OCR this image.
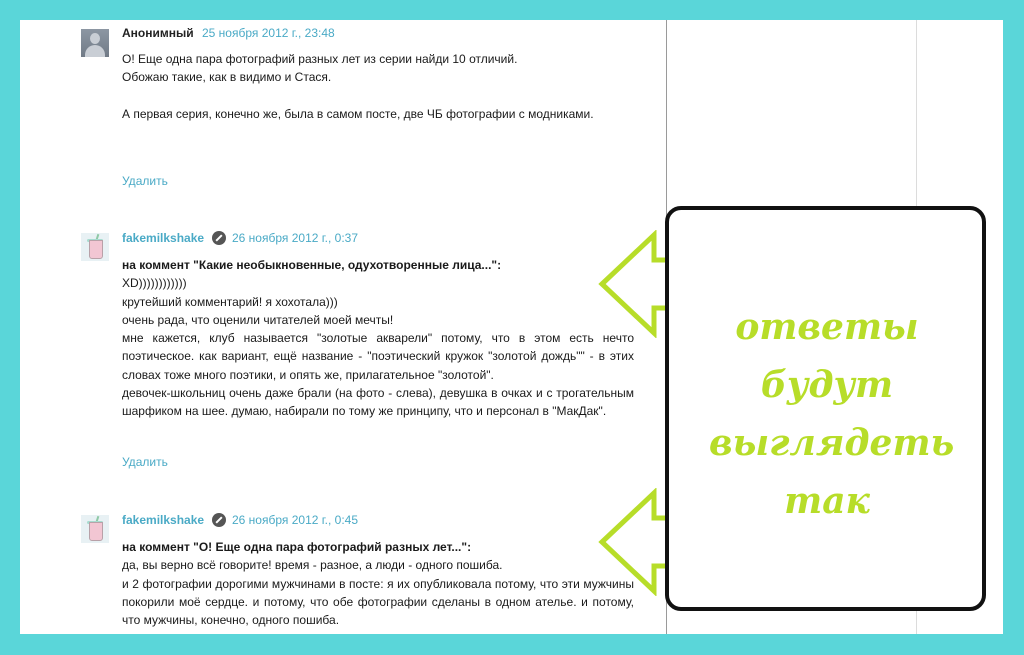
Анонимный 25 ноября 2012 г., 23:48

О! Еще одна пара фотографий разных лет из серии найди 10 отличий.

Обожаю такие, как в видимо и Стася.

А первая серия, конечно же, была в самом посте, две ЧБ фотографии с модниками.

Удалить
fakemilkshake 26 ноября 2012 г., 0:37

на коммент "Какие необыкновенные, одухотворенные лица...":

XD))))))))))))

крутейший комментарий! я хохотала)))

очень рада, что оценили читателей моей мечты!

мне кажется, клуб называется "золотые акварели" потому, что в этом есть нечто поэтическое. как вариант, ещё название - "поэтический кружок "золотой дождь"" - в этих словах тоже много поэтики, и опять же, прилагательное "золотой".

девочек-школьниц очень даже брали (на фото - слева), девушка в очках и с трогательным шарфиком на шее. думаю, набирали по тому же принципу, что и персонал в "МакДак".

Удалить
fakemilkshake 26 ноября 2012 г., 0:45

на коммент "О! Еще одна пара фотографий разных лет...":

да, вы верно всё говорите! время - разное, а люди - одного пошиба.

и 2 фотографии дорогими мужчинами в посте: я их опубликовала потому, что эти мужчины покорили моё сердце. и потому, что обе фотографии сделаны в одном ателье. и потому, что мужчины, конечно, одного пошиба.

ответы
будут
выглядеть
так
